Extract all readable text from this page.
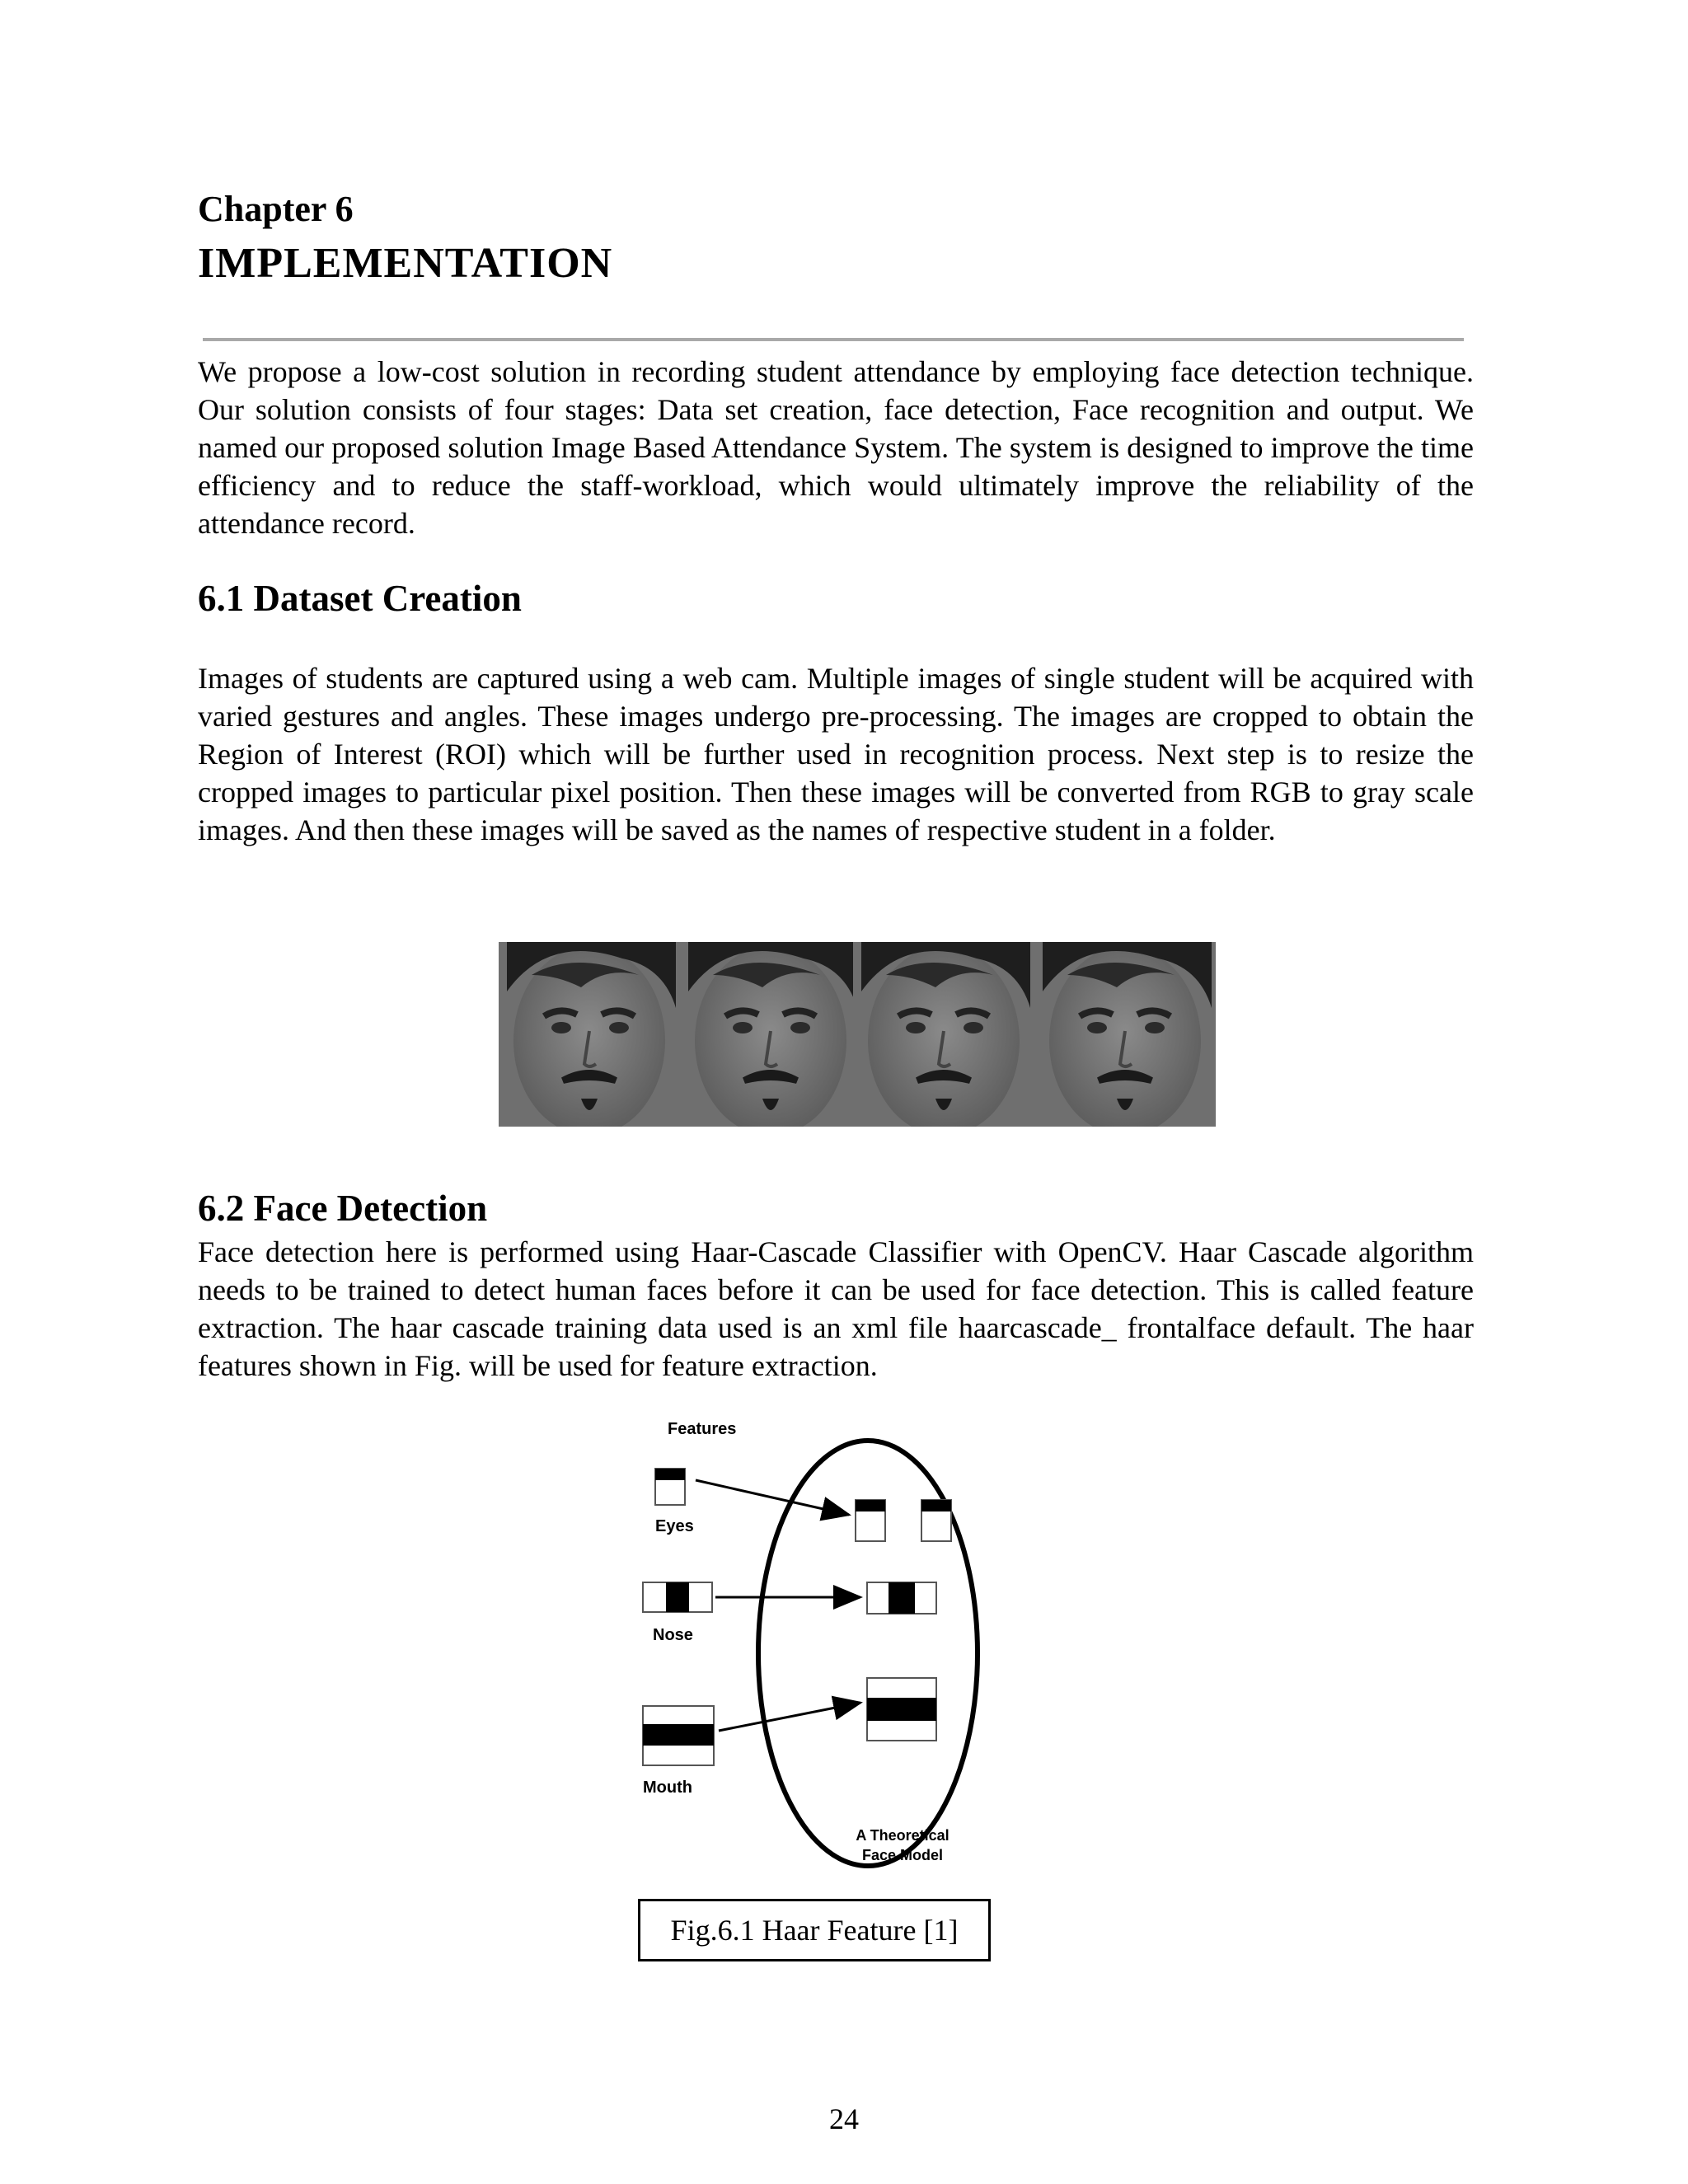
Chapter 6
IMPLEMENTATION

We propose a low-cost solution in recording student attendance by employing face detection technique. Our solution consists of four stages: Data set creation, face detection, Face recognition and output. We named our proposed solution Image Based Attendance System. The system is designed to improve the time efficiency and to reduce the staff-workload, which would ultimately improve the reliability of the attendance record.

6.1 Dataset Creation

Images of students are captured using a web cam. Multiple images of single student will be acquired with varied gestures and angles. These images undergo pre-processing. The images are cropped to obtain the Region of Interest (ROI) which will be further used in recognition process. Next step is to resize the cropped images to particular pixel position. Then these images will be converted from RGB to gray scale images. And then these images will be saved as the names of respective student in a folder.

6.2 Face Detection

Face detection here is performed using Haar-Cascade Classifier with OpenCV. Haar Cascade algorithm needs to be trained to detect human faces before it can be used for face detection. This is called feature extraction. The haar cascade training data used is an xml file haarcascade_ frontalface default. The haar features shown in Fig. will be used for feature extraction.

Features
Eyes
Nose
Mouth
A Theoretical
Face Model
Fig.6.1 Haar Feature [1]
24
